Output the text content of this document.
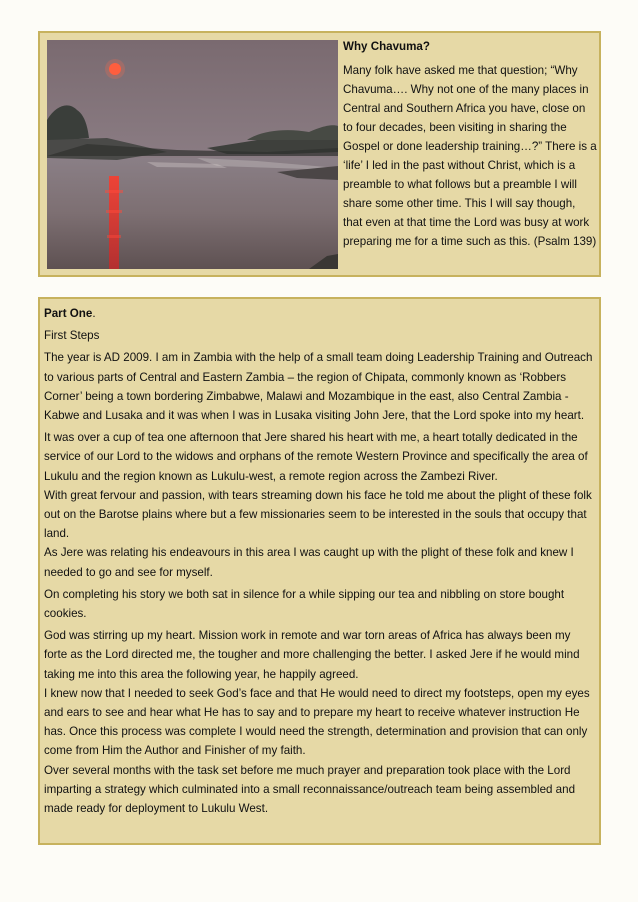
Why Chavuma?

Many folk have asked me that question; “Why Chavuma…. Why not one of the many places in Central and Southern Africa you have, close on to four decades, been visiting in sharing the Gospel or done leadership training…?” There is a ‘life’ I led in the past without Christ, which is a preamble to what follows but a preamble I will share some other time. This I will say though, that even at that time the Lord was busy at work preparing me for a time such as this. (Psalm 139)

Part One.

First Steps

The year is AD 2009. I am in Zambia with the help of a small team doing Leadership Training and Outreach to various parts of Central and Eastern Zambia – the region of Chipata, commonly known as ‘Robbers Corner’ being a town bordering Zimbabwe, Malawi and Mozambique in the east, also Central Zambia - Kabwe and Lusaka and it was when I was in Lusaka visiting John Jere, that the Lord spoke into my heart.

It was over a cup of tea one afternoon that Jere shared his heart with me, a heart totally dedicated in the service of our Lord to the widows and orphans of the remote Western Province and specifically the area of Lukulu and the region known as Lukulu-west, a remote region across the Zambezi River.

With great fervour and passion, with tears streaming down his face he told me about the plight of these folk out on the Barotse plains where but a few missionaries seem to be interested in the souls that occupy that land.

As Jere was relating his endeavours in this area I was caught up with the plight of these folk and knew I needed to go and see for myself.

On completing his story we both sat in silence for a while sipping our tea and nibbling on store bought cookies.

God was stirring up my heart. Mission work in remote and war torn areas of Africa has always been my forte as the Lord directed me, the tougher and more challenging the better. I asked Jere if he would mind taking me into this area the following year, he happily agreed.

I knew now that I needed to seek God’s face and that He would need to direct my footsteps, open my eyes and ears to see and hear what He has to say and to prepare my heart to receive whatever instruction He has. Once this process was complete I would need the strength, determination and provision that can only come from Him the Author and Finisher of my faith.

Over several months with the task set before me much prayer and preparation took place with the Lord imparting a strategy which culminated into a small reconnaissance/outreach team being assembled and made ready for deployment to Lukulu West.
